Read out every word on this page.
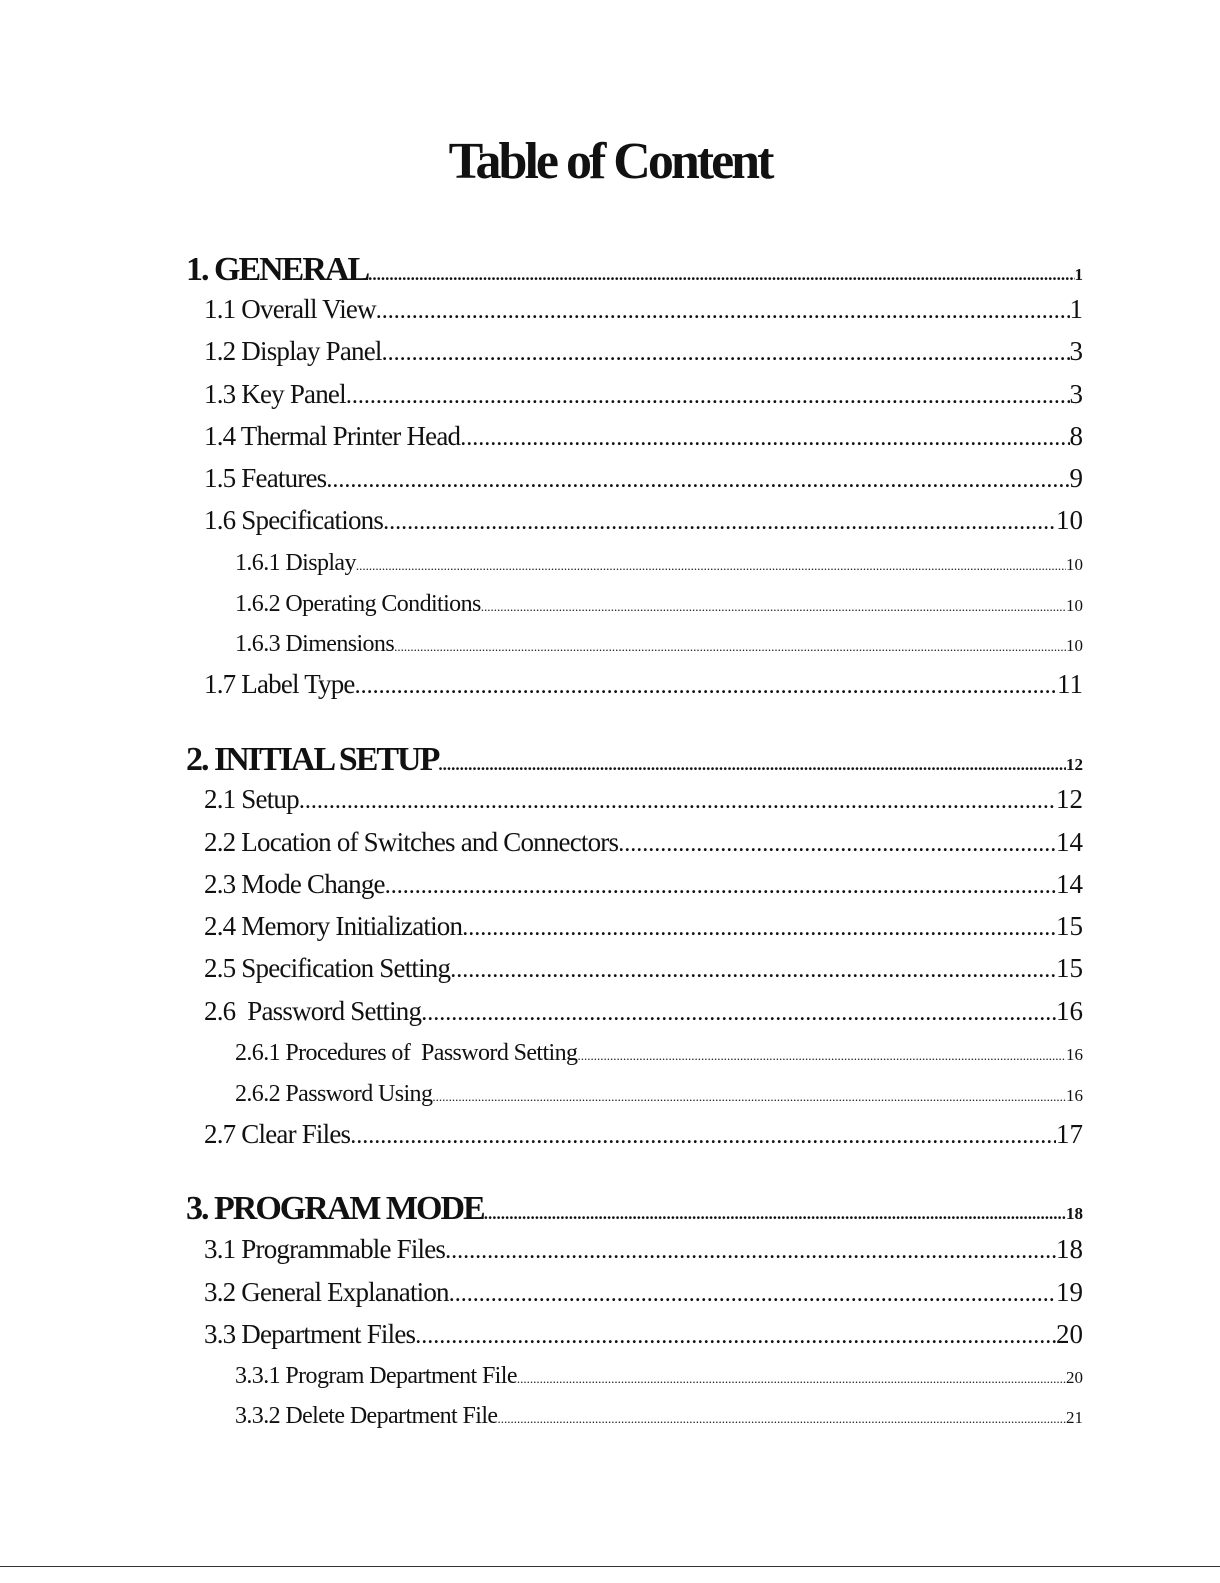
Table of Content
1. GENERAL .....	1
1.1 Overall View .....	1
1.2 Display Panel .....	3
1.3 Key Panel .....	3
1.4 Thermal Printer Head .....	8
1.5 Features .....	9
1.6 Specifications .....	10
1.6.1 Display .....	10
1.6.2 Operating Conditions .....	10
1.6.3 Dimensions .....	10
1.7 Label Type .....	11
2. INITIAL SETUP .....	12
2.1 Setup .....	12
2.2 Location of Switches and Connectors .....	14
2.3 Mode Change .....	14
2.4 Memory Initialization .....	15
2.5 Specification Setting .....	15
2.6  Password Setting .....	16
2.6.1 Procedures of  Password Setting .....	16
2.6.2 Password Using .....	16
2.7 Clear Files .....	17
3. PROGRAM MODE .....	18
3.1 Programmable Files .....	18
3.2 General Explanation .....	19
3.3 Department Files .....	20
3.3.1 Program Department File .....	20
3.3.2 Delete Department File .....	21
